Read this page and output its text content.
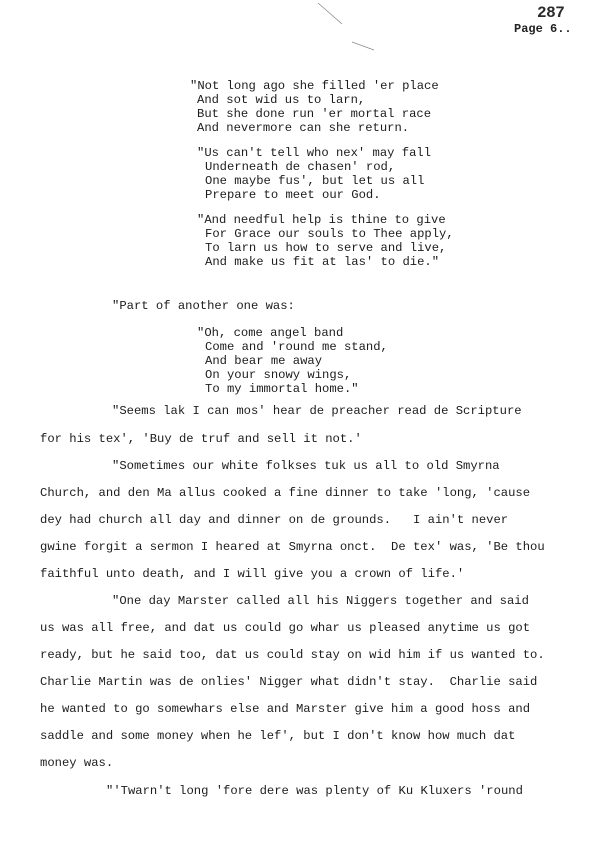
287
Page 6..
"Not long ago she filled 'er place
And sot wid us to larn,
But she done run 'er mortal race
And nevermore can she return.
"Us can't tell who nex' may fall
Underneath de chasen' rod,
One maybe fus', but let us all
Prepare to meet our God.
"And needful help is thine to give
For Grace our souls to Thee apply,
To larn us how to serve and live,
And make us fit at las' to die."
"Part of another one was:
"Oh, come angel band
Come and 'round me stand,
And bear me away
On your snowy wings,
To my immortal home."
"Seems lak I can mos' hear de preacher read de Scripture
for his tex', 'Buy de truf and sell it not.'
"Sometimes our white folkses tuk us all to old Smyrna
Church, and den Ma allus cooked a fine dinner to take 'long, 'cause
dey had church all day and dinner on de grounds.   I ain't never
gwine forgit a sermon I heared at Smyrna onct.  De tex' was, 'Be thou
faithful unto death, and I will give you a crown of life.'
"One day Marster called all his Niggers together and said
us was all free, and dat us could go whar us pleased anytime us got
ready, but he said too, dat us could stay on wid him if us wanted to.
Charlie Martin was de onlies' Nigger what didn't stay.  Charlie said
he wanted to go somewhars else and Marster give him a good hoss and
saddle and some money when he lef', but I don't know how much dat
money was.
"'Twarn't long 'fore dere was plenty of Ku Kluxers 'round
